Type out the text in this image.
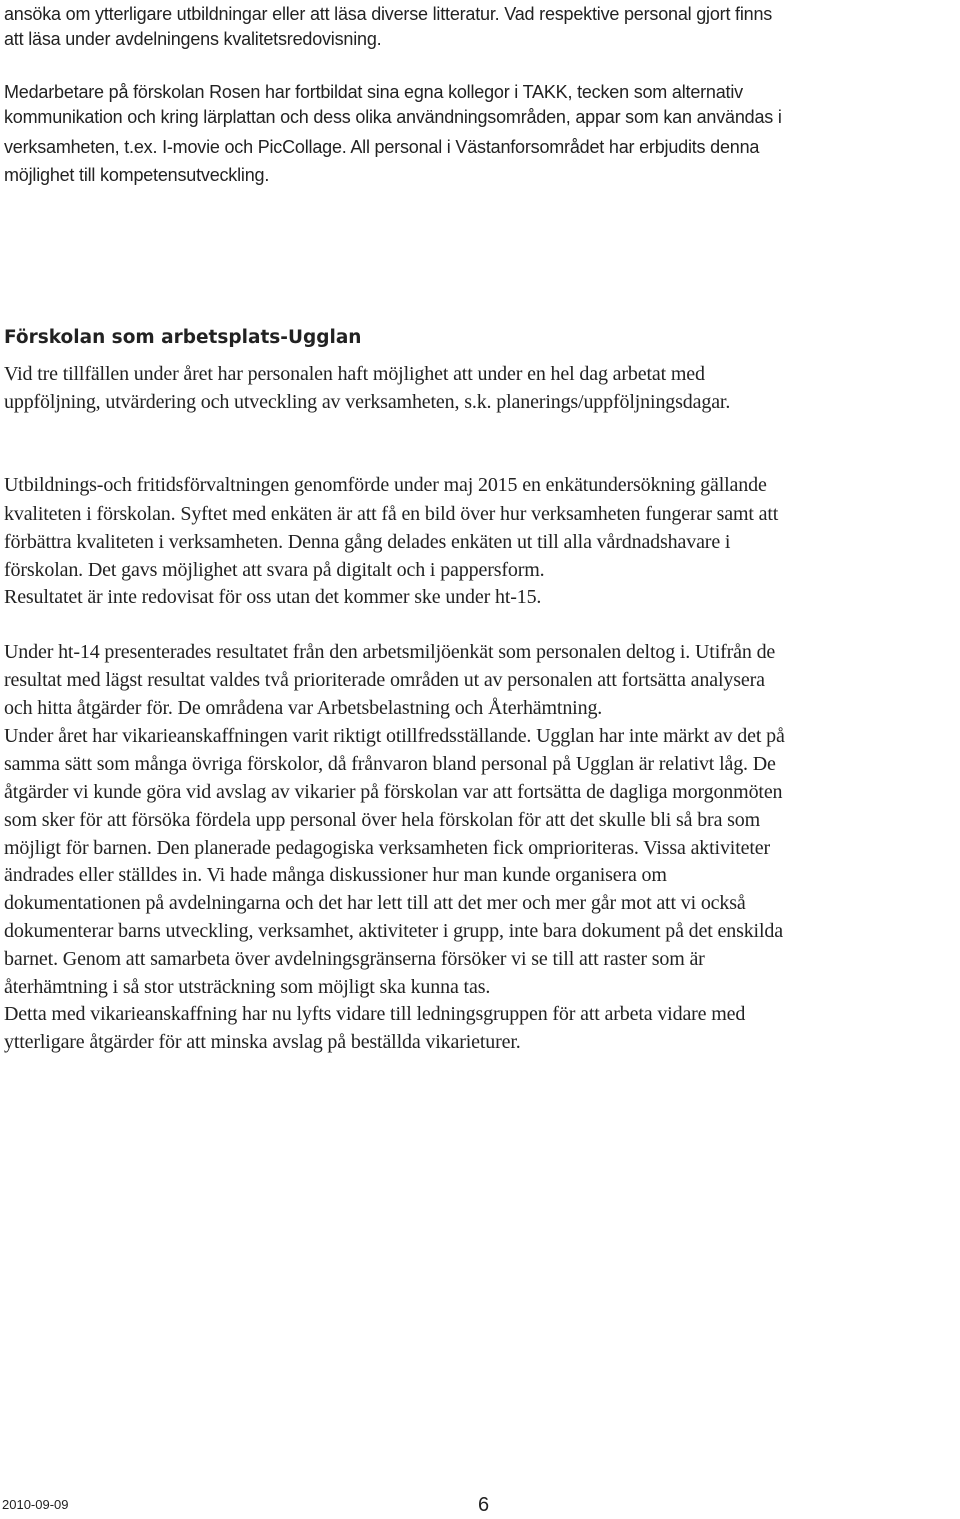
ansöka om ytterligare utbildningar eller att läsa diverse litteratur. Vad respektive personal gjort finns
att läsa under avdelningens kvalitetsredovisning.
Medarbetare på förskolan Rosen har fortbildat sina egna kollegor i TAKK, tecken som alternativ
kommunikation och kring lärplattan och dess olika användningsområden, appar som kan användas i
verksamheten, t.ex. I-movie och PicCollage. All personal i Västanforsområdet har erbjudits denna
möjlighet till kompetensutveckling.
Förskolan som arbetsplats-Ugglan
Vid tre tillfällen under året har personalen haft möjlighet att under en hel dag arbetat med
uppföljning, utvärdering och utveckling av verksamheten, s.k. planerings/uppföljningsdagar.
Utbildnings-och fritidsförvaltningen genomförde under maj 2015 en enkätundersökning gällande
kvaliteten i förskolan. Syftet med enkäten är att få en bild över hur verksamheten fungerar samt att
förbättra kvaliteten i verksamheten. Denna gång delades enkäten ut till alla vårdnadshavare i
förskolan. Det gavs möjlighet att svara på digitalt och i pappersform.
Resultatet är inte redovisat för oss utan det kommer ske under ht-15.
Under ht-14 presenterades resultatet från den arbetsmiljöenkät som personalen deltog i. Utifrån de
resultat med lägst resultat valdes två prioriterade områden ut av personalen att fortsätta analysera
och hitta åtgärder för. De områdena var Arbetsbelastning och Återhämtning.
Under året har vikarieanskaffningen varit riktigt otillfredsställande. Ugglan har inte märkt av det på
samma sätt som många övriga förskolor, då frånvaron bland personal på Ugglan är relativt låg. De
åtgärder vi kunde göra vid avslag av vikarier på förskolan var att fortsätta de dagliga morgonmöten
som sker för att försöka fördela upp personal över hela förskolan för att det skulle bli så bra som
möjligt för barnen. Den planerade pedagogiska verksamheten fick omprioriteras. Vissa aktiviteter
ändrades eller ställdes in. Vi hade många diskussioner hur man kunde organisera om
dokumentationen på avdelningarna och det har lett till att det mer och mer går mot att vi också
dokumenterar barns utveckling, verksamhet, aktiviteter i grupp, inte bara dokument på det enskilda
barnet. Genom att samarbeta över avdelningsgränserna försöker vi se till att raster som är
återhämtning i så stor utsträckning som möjligt ska kunna tas.
Detta med vikarieanskaffning har nu lyfts vidare till ledningsgruppen för att arbeta vidare med
ytterligare åtgärder för att minska avslag på beställda vikarieturer.
2010-09-09	6
